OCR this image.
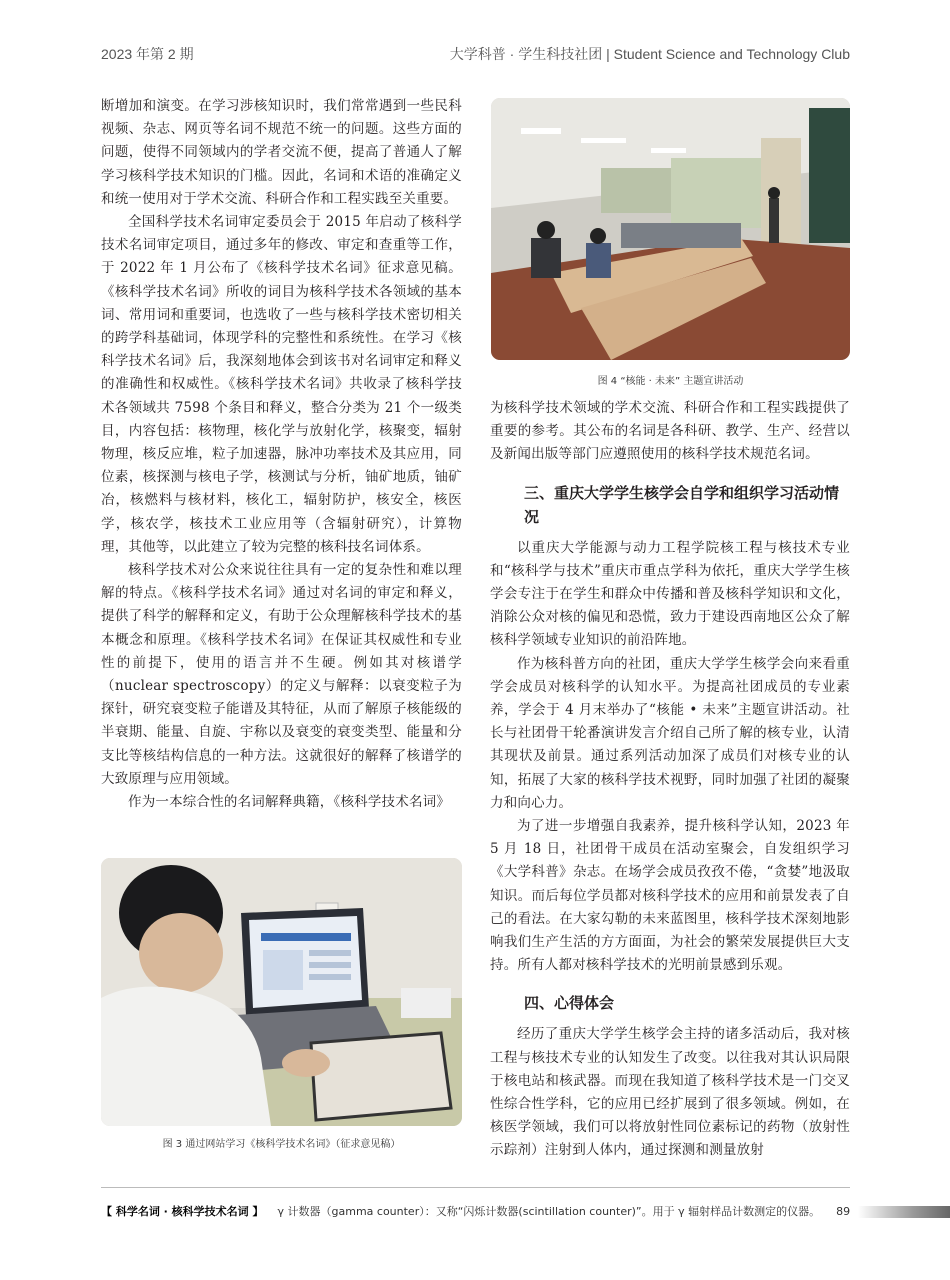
2023 年第 2 期	大学科普 · 学生科技社团 | Student Science and Technology Club

断增加和演变。在学习涉核知识时，我们常常遇到一些民科视频、杂志、网页等名词不规范不统一的问题。这些方面的问题，使得不同领域内的学者交流不便，提高了普通人了解学习核科学技术知识的门槛。因此，名词和术语的准确定义和统一使用对于学术交流、科研合作和工程实践至关重要。

全国科学技术名词审定委员会于 2015 年启动了核科学技术名词审定项目，通过多年的修改、审定和查重等工作，于 2022 年 1 月公布了《核科学技术名词》征求意见稿。《核科学技术名词》所收的词目为核科学技术各领域的基本词、常用词和重要词，也选收了一些与核科学技术密切相关的跨学科基础词，体现学科的完整性和系统性。在学习《核科学技术名词》后，我深刻地体会到该书对名词审定和释义的准确性和权威性。《核科学技术名词》共收录了核科学技术各领域共 7598 个条目和释义，整合分类为 21 个一级类目，内容包括：核物理，核化学与放射化学，核聚变，辐射物理，核反应堆，粒子加速器，脉冲功率技术及其应用，同位素，核探测与核电子学，核测试与分析，铀矿地质，铀矿冶，核燃料与核材料，核化工，辐射防护，核安全，核医学，核农学，核技术工业应用等（含辐射研究），计算物理，其他等，以此建立了较为完整的核科技名词体系。

核科学技术对公众来说往往具有一定的复杂性和难以理解的特点。《核科学技术名词》通过对名词的审定和释义，提供了科学的解释和定义，有助于公众理解核科学技术的基本概念和原理。《核科学技术名词》在保证其权威性和专业性的前提下，使用的语言并不生硬。例如其对核谱学（nuclear spectroscopy）的定义与解释：以衰变粒子为探针，研究衰变粒子能谱及其特征，从而了解原子核能级的半衰期、能量、自旋、宇称以及衰变的衰变类型、能量和分支比等核结构信息的一种方法。这就很好的解释了核谱学的大致原理与应用领域。

作为一本综合性的名词解释典籍，《核科学技术名词》

图 3 通过网站学习《核科学技术名词》（征求意见稿）
图 4 “核能 · 未来” 主题宣讲活动

为核科学技术领域的学术交流、科研合作和工程实践提供了重要的参考。其公布的名词是各科研、教学、生产、经营以及新闻出版等部门应遵照使用的核科学技术规范名词。

三、重庆大学学生核学会自学和组织学习活动情况

以重庆大学能源与动力工程学院核工程与核技术专业和“核科学与技术”重庆市重点学科为依托，重庆大学学生核学会专注于在学生和群众中传播和普及核科学知识和文化，消除公众对核的偏见和恐慌，致力于建设西南地区公众了解核科学领域专业知识的前沿阵地。

作为核科普方向的社团，重庆大学学生核学会向来看重学会成员对核科学的认知水平。为提高社团成员的专业素养，学会于 4 月末举办了“核能 • 未来”主题宣讲活动。社长与社团骨干轮番演讲发言介绍自己所了解的核专业，认清其现状及前景。通过系列活动加深了成员们对核专业的认知，拓展了大家的核科学技术视野，同时加强了社团的凝聚力和向心力。

为了进一步增强自我素养，提升核科学认知，2023 年 5 月 18 日，社团骨干成员在活动室聚会，自发组织学习《大学科普》杂志。在场学会成员孜孜不倦，“贪婪”地汲取知识。而后每位学员都对核科学技术的应用和前景发表了自己的看法。在大家勾勒的未来蓝图里，核科学技术深刻地影响我们生产生活的方方面面，为社会的繁荣发展提供巨大支持。所有人都对核科学技术的光明前景感到乐观。

四、心得体会

经历了重庆大学学生核学会主持的诸多活动后，我对核工程与核技术专业的认知发生了改变。以往我对其认识局限于核电站和核武器。而现在我知道了核科学技术是一门交叉性综合性学科，它的应用已经扩展到了很多领域。例如，在核医学领域，我们可以将放射性同位素标记的药物（放射性示踪剂）注射到人体内，通过探测和测量放射

【 科学名词 · 核科学技术名词 】 γ 计数器（gamma counter）：又称“闪烁计数器(scintillation counter)”。用于 γ 辐射样品计数测定的仪器。 89
